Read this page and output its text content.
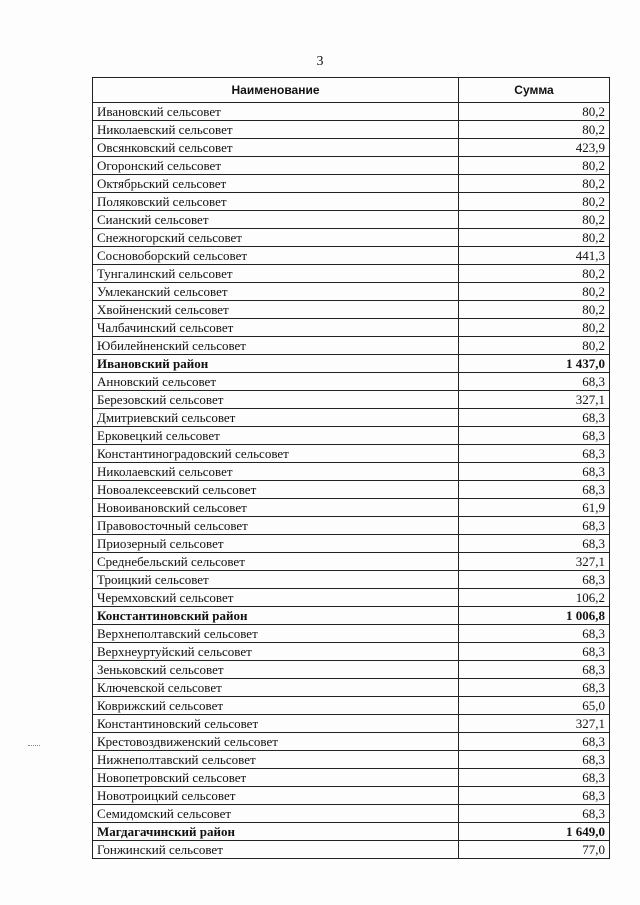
3
Наименование	Сумма
Ивановский сельсовет	80,2
Николаевский сельсовет	80,2
Овсянковский сельсовет	423,9
Огоронский сельсовет	80,2
Октябрьский сельсовет	80,2
Поляковский сельсовет	80,2
Сианский сельсовет	80,2
Снежногорский сельсовет	80,2
Сосновоборский сельсовет	441,3
Тунгалинский сельсовет	80,2
Умлеканский сельсовет	80,2
Хвойненский сельсовет	80,2
Чалбачинский сельсовет	80,2
Юбилейненский сельсовет	80,2
Ивановский район	1 437,0
Анновский сельсовет	68,3
Березовский сельсовет	327,1
Дмитриевский сельсовет	68,3
Ерковецкий сельсовет	68,3
Константиноградовский сельсовет	68,3
Николаевский сельсовет	68,3
Новоалексеевский сельсовет	68,3
Новоивановский сельсовет	61,9
Правовосточный сельсовет	68,3
Приозерный сельсовет	68,3
Среднебельский сельсовет	327,1
Троицкий сельсовет	68,3
Черемховский сельсовет	106,2
Константиновский район	1 006,8
Верхнеполтавский сельсовет	68,3
Верхнеуртуйский сельсовет	68,3
Зеньковский сельсовет	68,3
Ключевской сельсовет	68,3
Коврижский сельсовет	65,0
Константиновский сельсовет	327,1
Крестовоздвиженский сельсовет	68,3
Нижнеполтавский сельсовет	68,3
Новопетровский сельсовет	68,3
Новотроицкий сельсовет	68,3
Семидомский сельсовет	68,3
Магдагачинский район	1 649,0
Гонжинский сельсовет	77,0
